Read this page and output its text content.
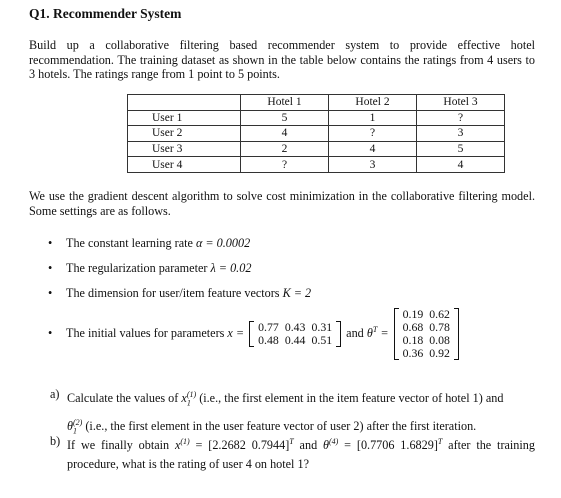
Q1. Recommender System
Build up a collaborative filtering based recommender system to provide effective hotel recommendation. The training dataset as shown in the table below contains the ratings from 4 users to 3 hotels. The ratings range from 1 point to 5 points.
	Hotel 1	Hotel 2	Hotel 3
User 1	5	1	?
User 2	4	?	3
User 3	2	4	5
User 4	?	3	4
We use the gradient descent algorithm to solve cost minimization in the collaborative filtering model. Some settings are as follows.
• The constant learning rate α = 0.0002
• The regularization parameter λ = 0.02
• The dimension for user/item feature vectors K = 2
• The initial values for parameters x = 0.77	0.43	0.31
0.48	0.44	0.51
and $\theta^T$ =
0.19	0.62
0.68	0.78
0.18	0.08
0.36	0.92
a) Calculate the values of $x_1^{(1)}$ (i.e., the first element in the item feature vector of hotel 1) and
$\theta_1^{(2)}$ (i.e., the first element in the user feature vector of user 2) after the first iteration.
b) If we finally obtain $x^{(1)} = [2.2682$ 0.7944]$^T$ and $\theta^{(4)} = [0.7706$ 1.6829]$^T$ after the training procedure, what is the rating of user 4 on hotel 1?
